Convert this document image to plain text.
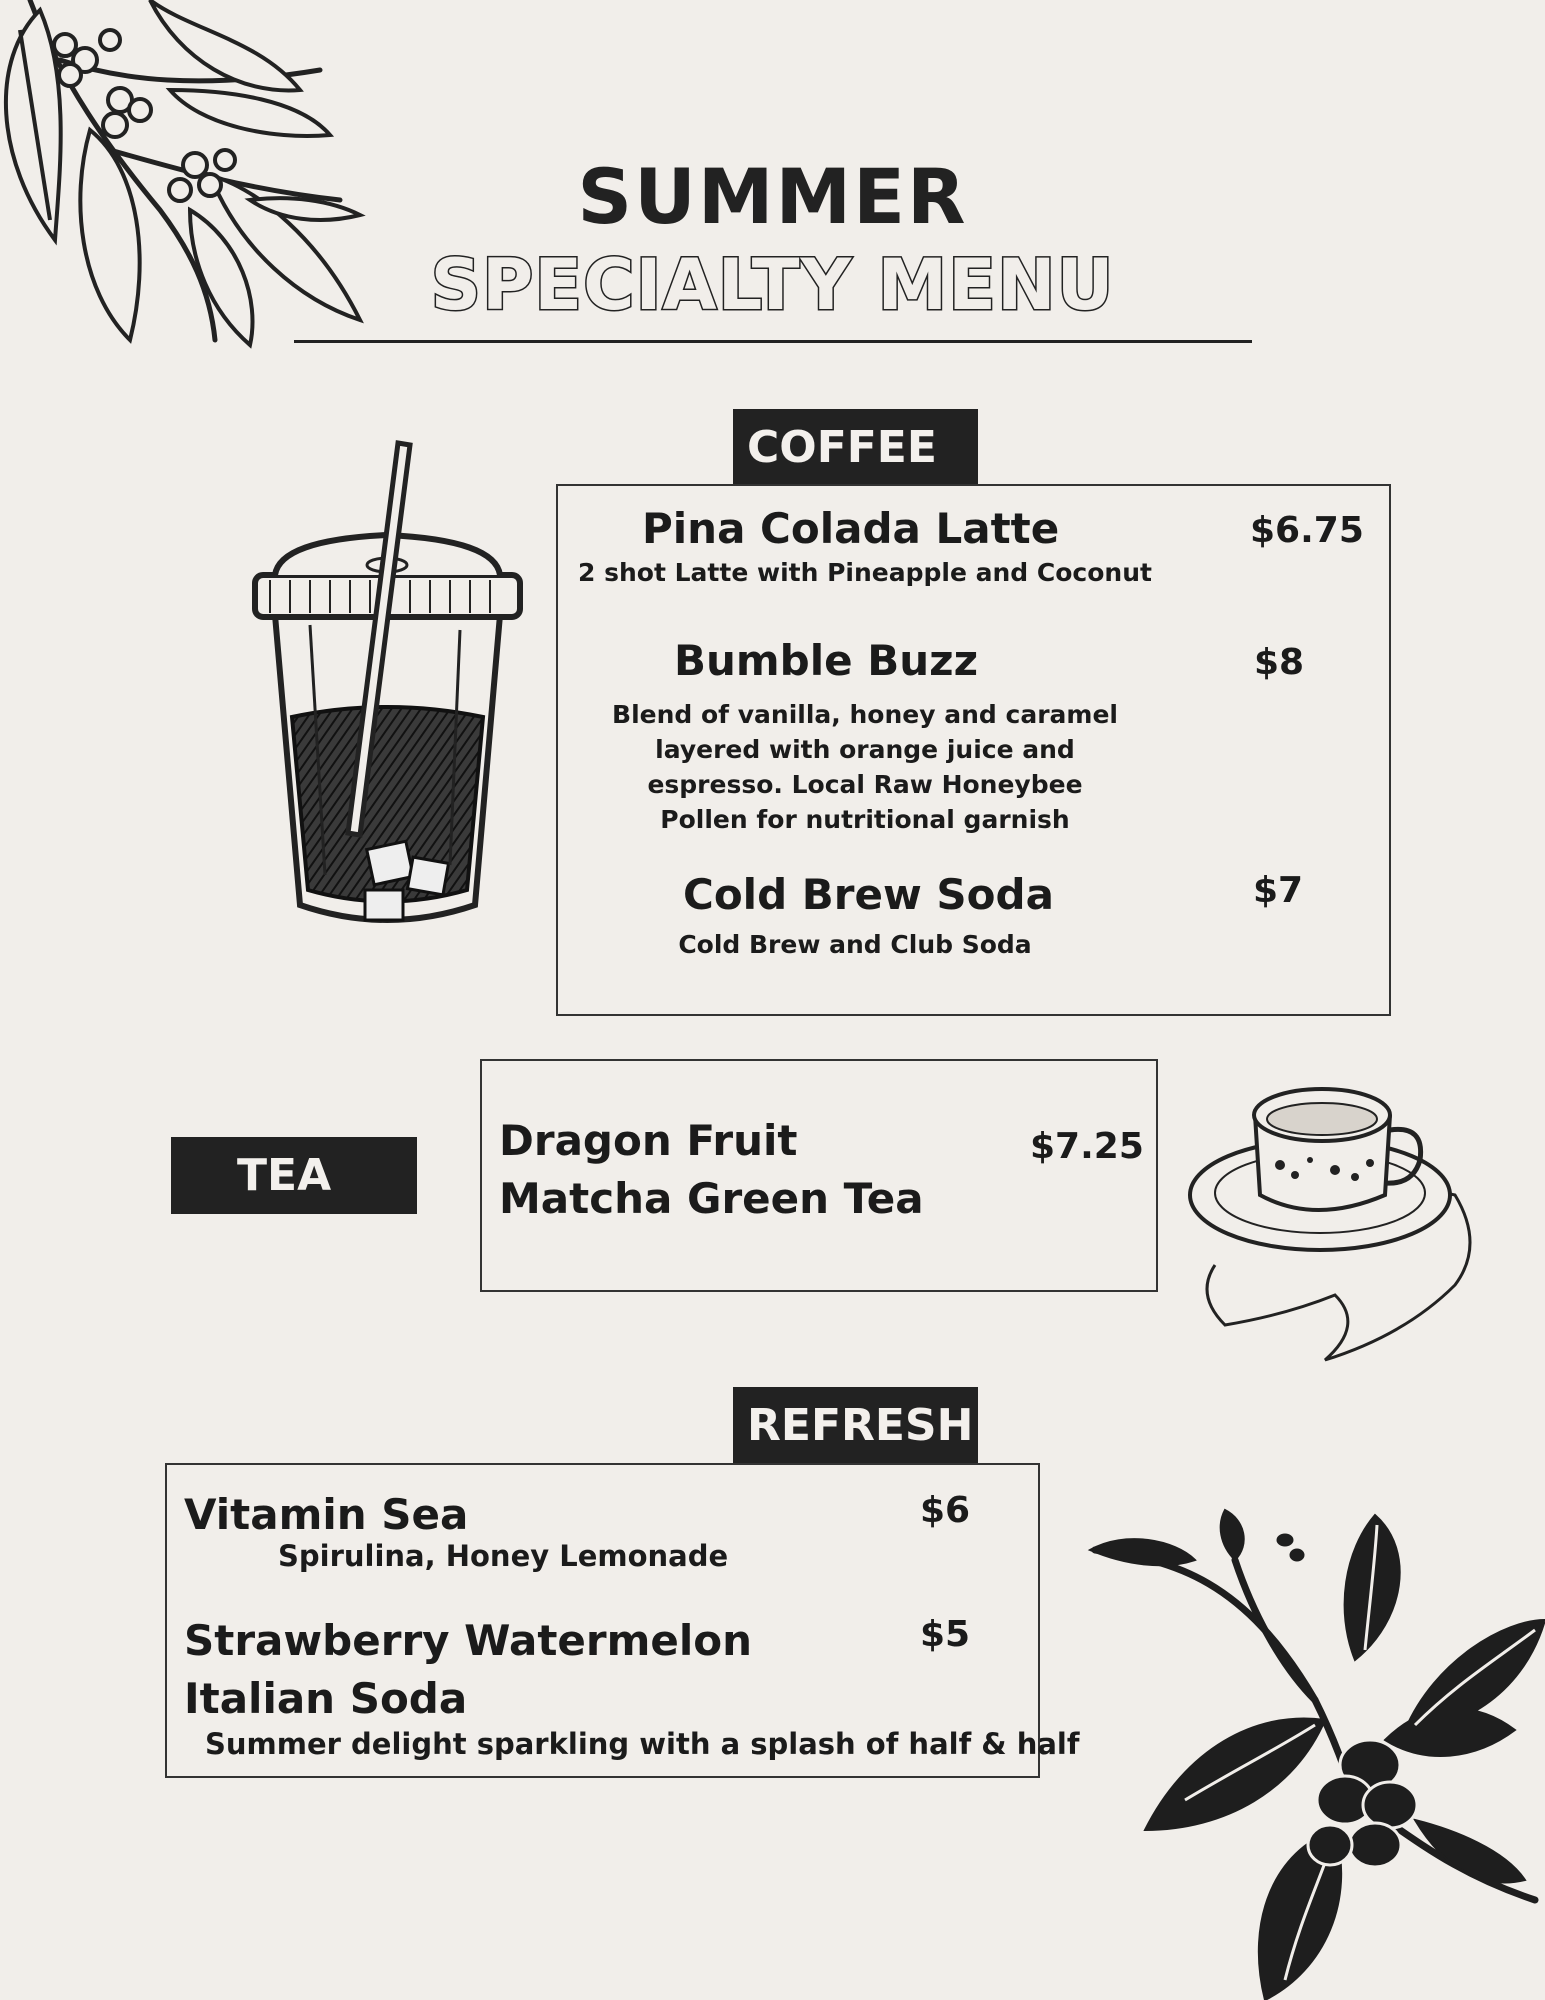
SUMMER
SPECIALTY MENU
COFFEE
Pina Colada Latte	$6.75
2 shot Latte with Pineapple and Coconut
Bumble Buzz	$8
Blend of vanilla, honey and caramel layered with orange juice and espresso. Local Raw Honeybee Pollen for nutritional garnish
Cold Brew Soda	$7
Cold Brew and Club Soda
TEA
Dragon Fruit Matcha Green Tea
$7.25
REFRESH
Vitamin Sea	$6
Spirulina, Honey Lemonade
Strawberry Watermelon Italian Soda
$5
Summer delight sparkling with a splash of half & half
